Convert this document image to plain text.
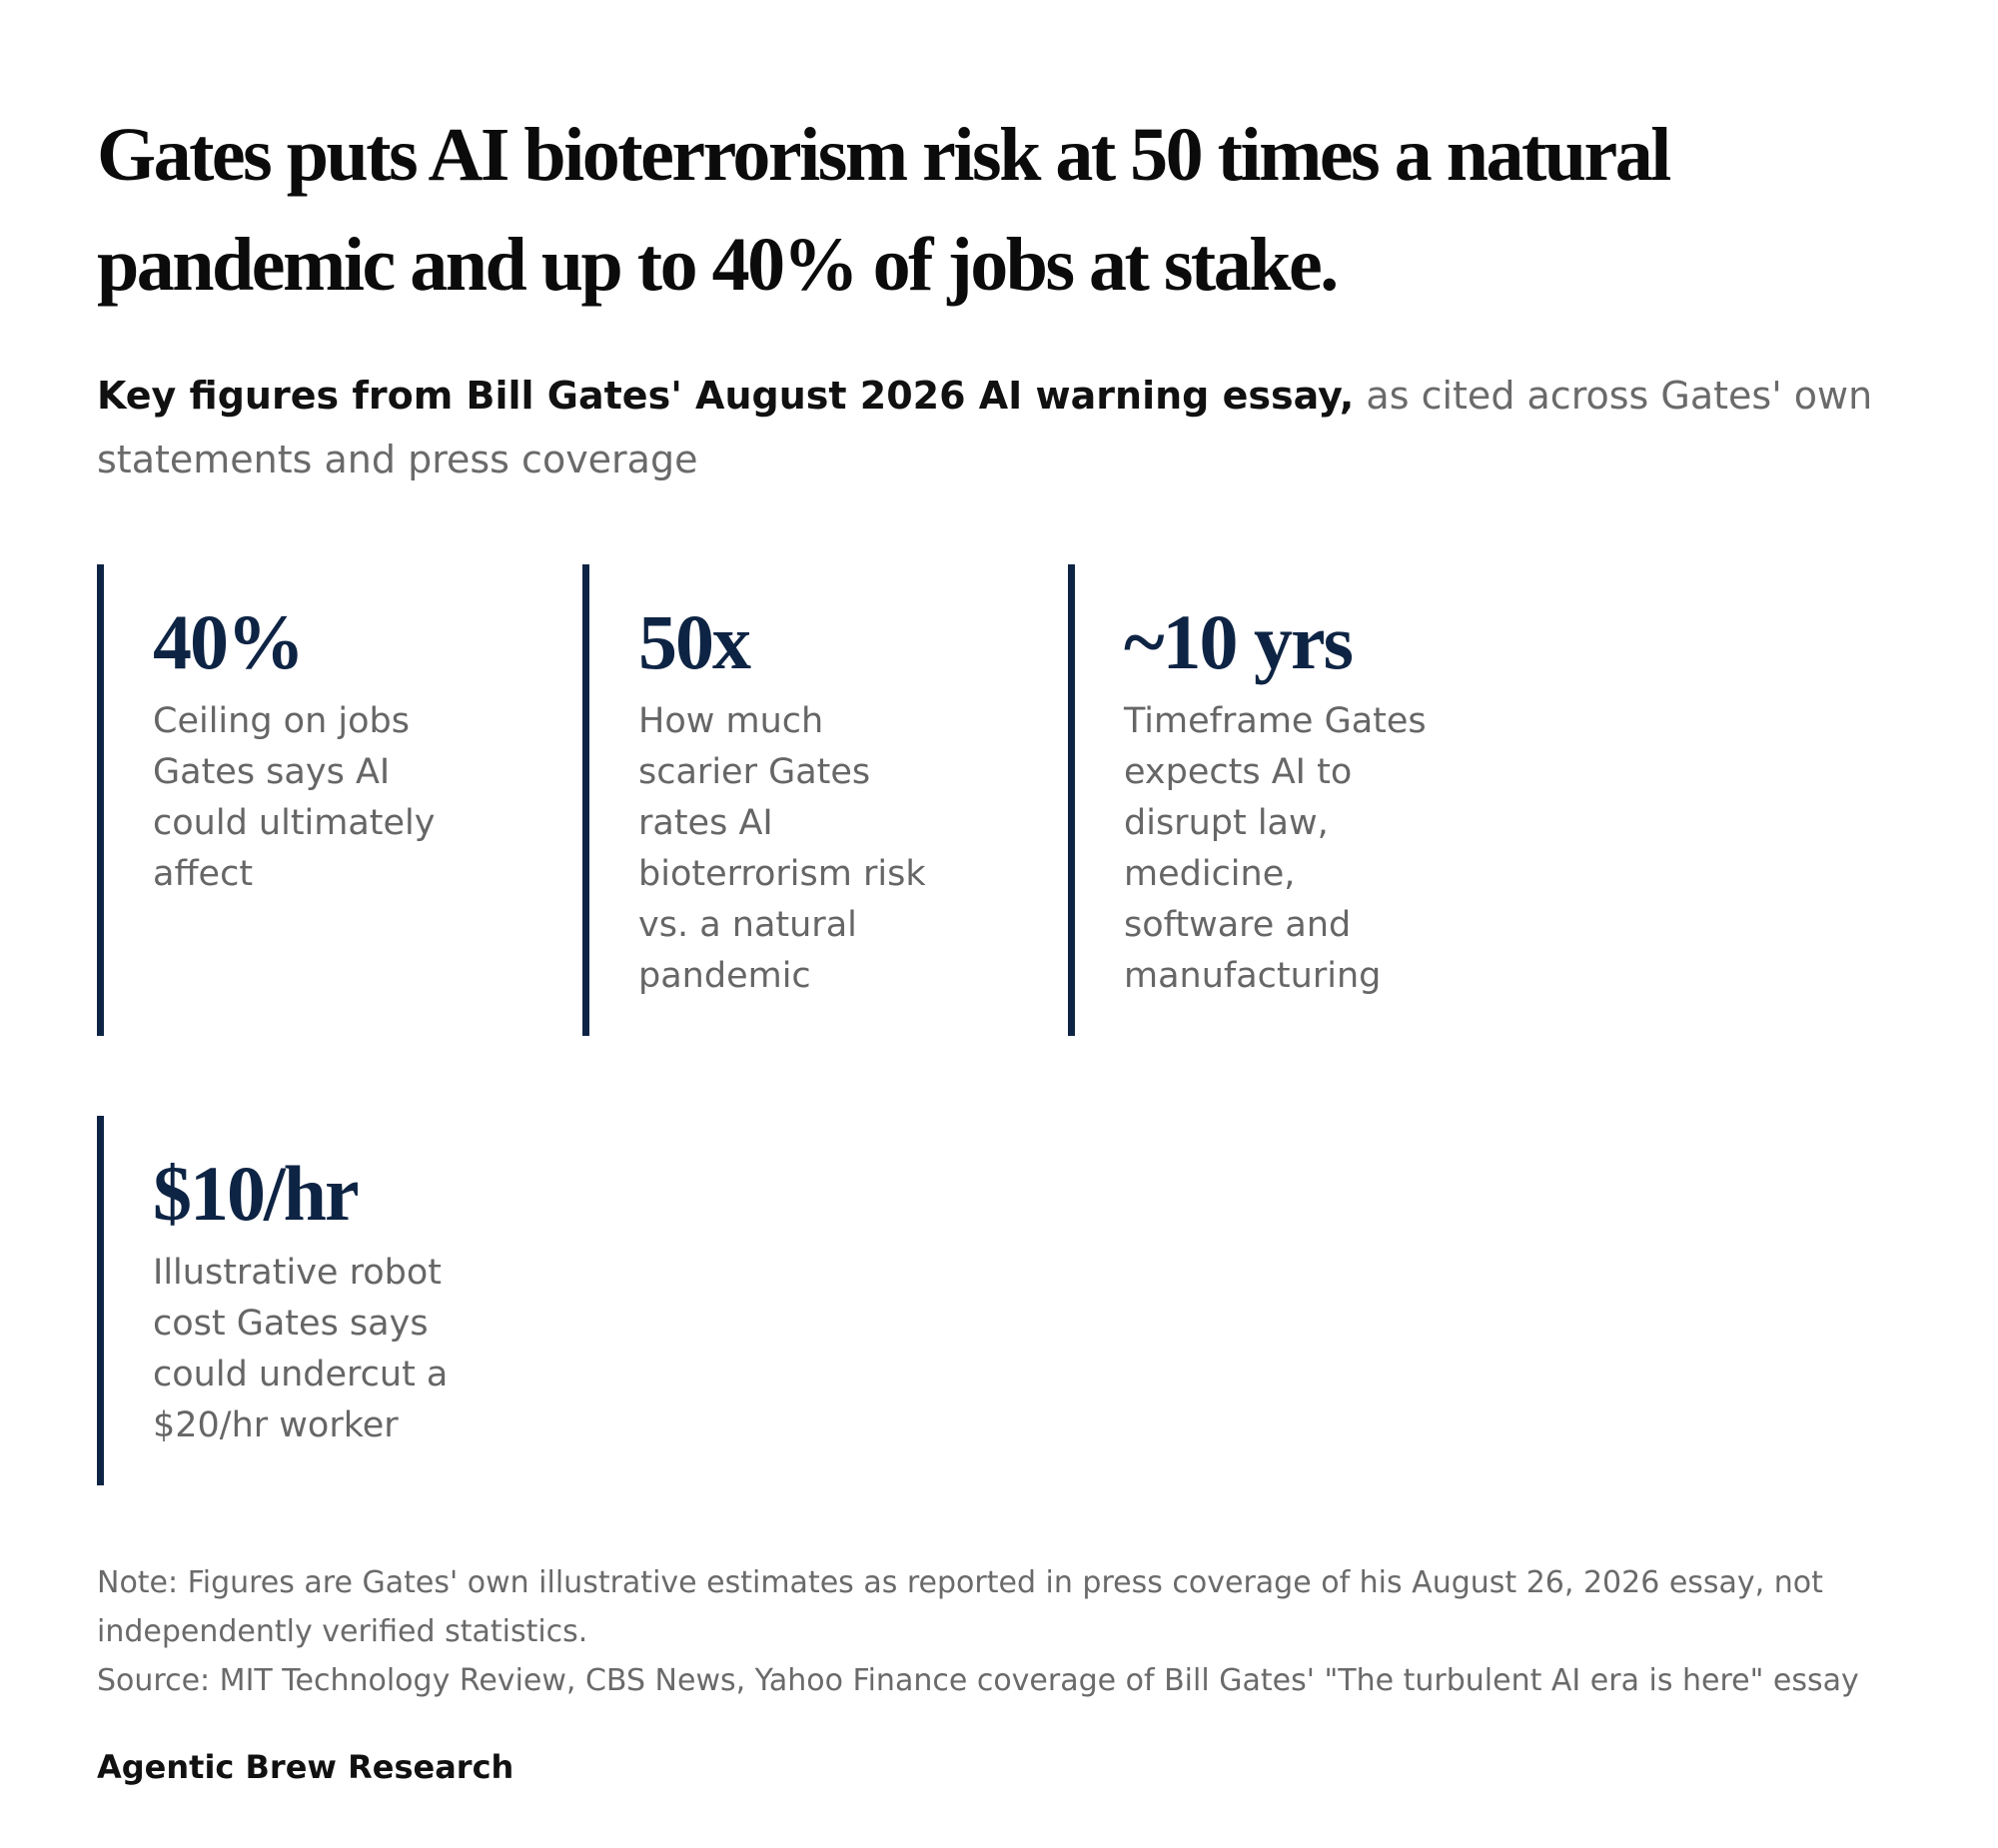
Gates puts AI bioterrorism risk at 50 times a natural pandemic and up to 40% of jobs at stake.
Key figures from Bill Gates' August 2026 AI warning essay, as cited across Gates' own statements and press coverage
40%
Ceiling on jobs Gates says AI could ultimately affect
50x
How much scarier Gates rates AI bioterrorism risk vs. a natural pandemic
~10 yrs
Timeframe Gates expects AI to disrupt law, medicine, software and manufacturing
$10/hr
Illustrative robot cost Gates says could undercut a $20/hr worker
Note: Figures are Gates' own illustrative estimates as reported in press coverage of his August 26, 2026 essay, not independently verified statistics.
Source: MIT Technology Review, CBS News, Yahoo Finance coverage of Bill Gates' "The turbulent AI era is here" essay
Agentic Brew Research
